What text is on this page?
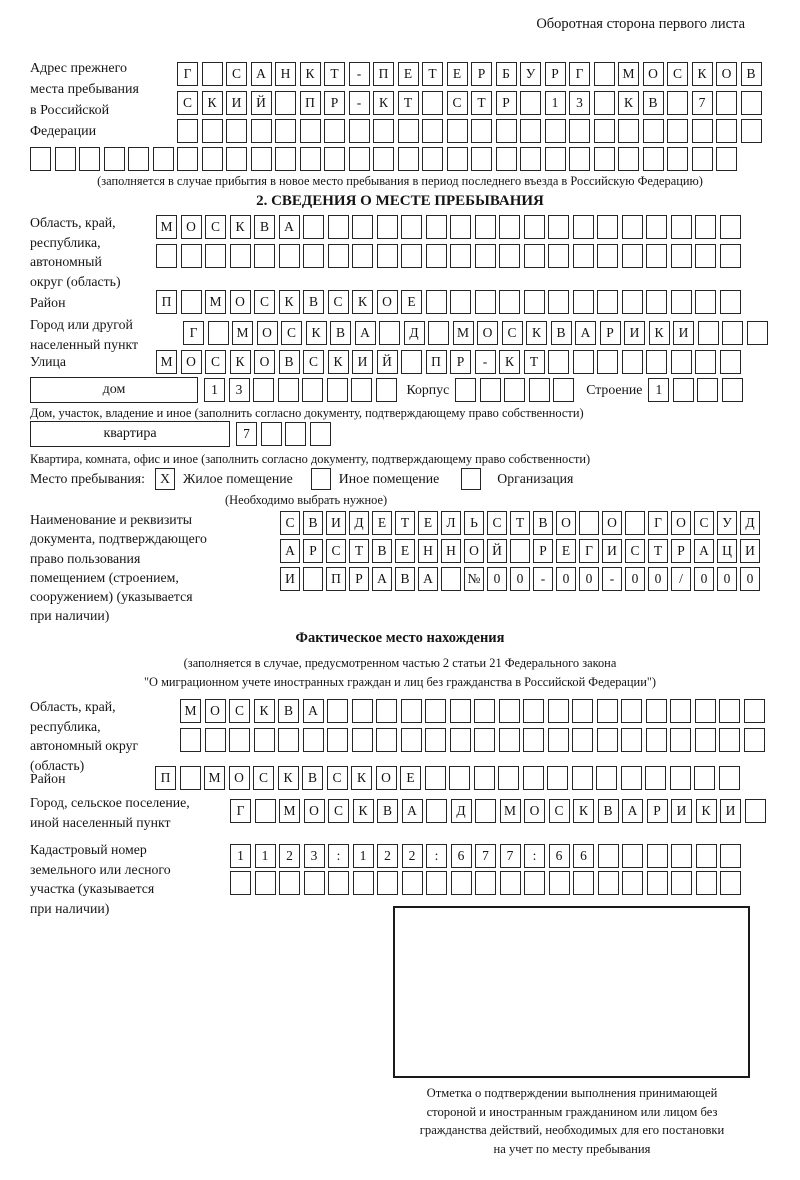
Оборотная сторона первого листа
Адрес прежнего
места пребывания
в Российской
Федерации
Г	С	А	Н	К	Т	-	П	Е	Т	Е	Р	Б	У	Р	Г	М	О	С	К	О	В
С	К	И	Й	П	Р	-	К	Т	С	Т	Р	1	3	К	В	7
(заполняется в случае прибытия в новое место пребывания в период последнего въезда в Российскую Федерацию)
2. СВЕДЕНИЯ О МЕСТЕ ПРЕБЫВАНИЯ
Область, край,
республика,
автономный
округ (область)
М	О	С	К	В	А
Район	П	М	О	С	К	В	С	К	О	Е
Город или другой
населенный пункт
Г	М	О	С	К	В	А	Д	М	О	С	К	В	А	Р	И	К	И
Улица	М	О	С	К	О	В	С	К	И	Й	П	Р	-	К	Т
дом	1	3	Корпус	Строение 1
Дом, участок, владение и иное (заполнить согласно документу, подтверждающему право собственности)
квартира	7
Квартира, комната, офис и иное (заполнить согласно документу, подтверждающему право собственности)
Место пребывания:	X Жилое помещение	Иное помещение	Организация
(Необходимо выбрать нужное)
Наименование и реквизиты
документа, подтверждающего
право пользования
помещением (строением,
сооружением) (указывается
при наличии)
С	В	И	Д	Е	Т	Е	Л	Ь	С	Т	В	О	О	Г	О	С	У	Д
А	Р	С	Т	В	Е	Н Н О Й	Р	Е	Г	И	С	Т	Р	А Ц И
И	П	Р	А	В	А	№ 0	0	-	0	0	-	0	0	/	0	0	0
Фактическое место нахождения
(заполняется в случае, предусмотренном частью 2 статьи 21 Федерального закона
"О миграционном учете иностранных граждан и лиц без гражданства в Российской Федерации")
Область, край,
республика,
автономный округ
(область)
М	О	С	К	В	А
Район	П	М	О	С	К	В	С	К	О	Е
Город, сельское поселение,
иной населенный пункт
Г	М	О	С	К	В	А	Д	М	О	С	К	В	А	Р	И	К	И
Кадастровый номер
земельного или лесного
участка (указывается
при наличии)
1	1	2	3	:	1	2	2	:	6	7	7	:	6	6
Отметка о подтверждении выполнения принимающей
стороной и иностранным гражданином или лицом без
гражданства действий, необходимых для его постановки
на учет по месту пребывания
